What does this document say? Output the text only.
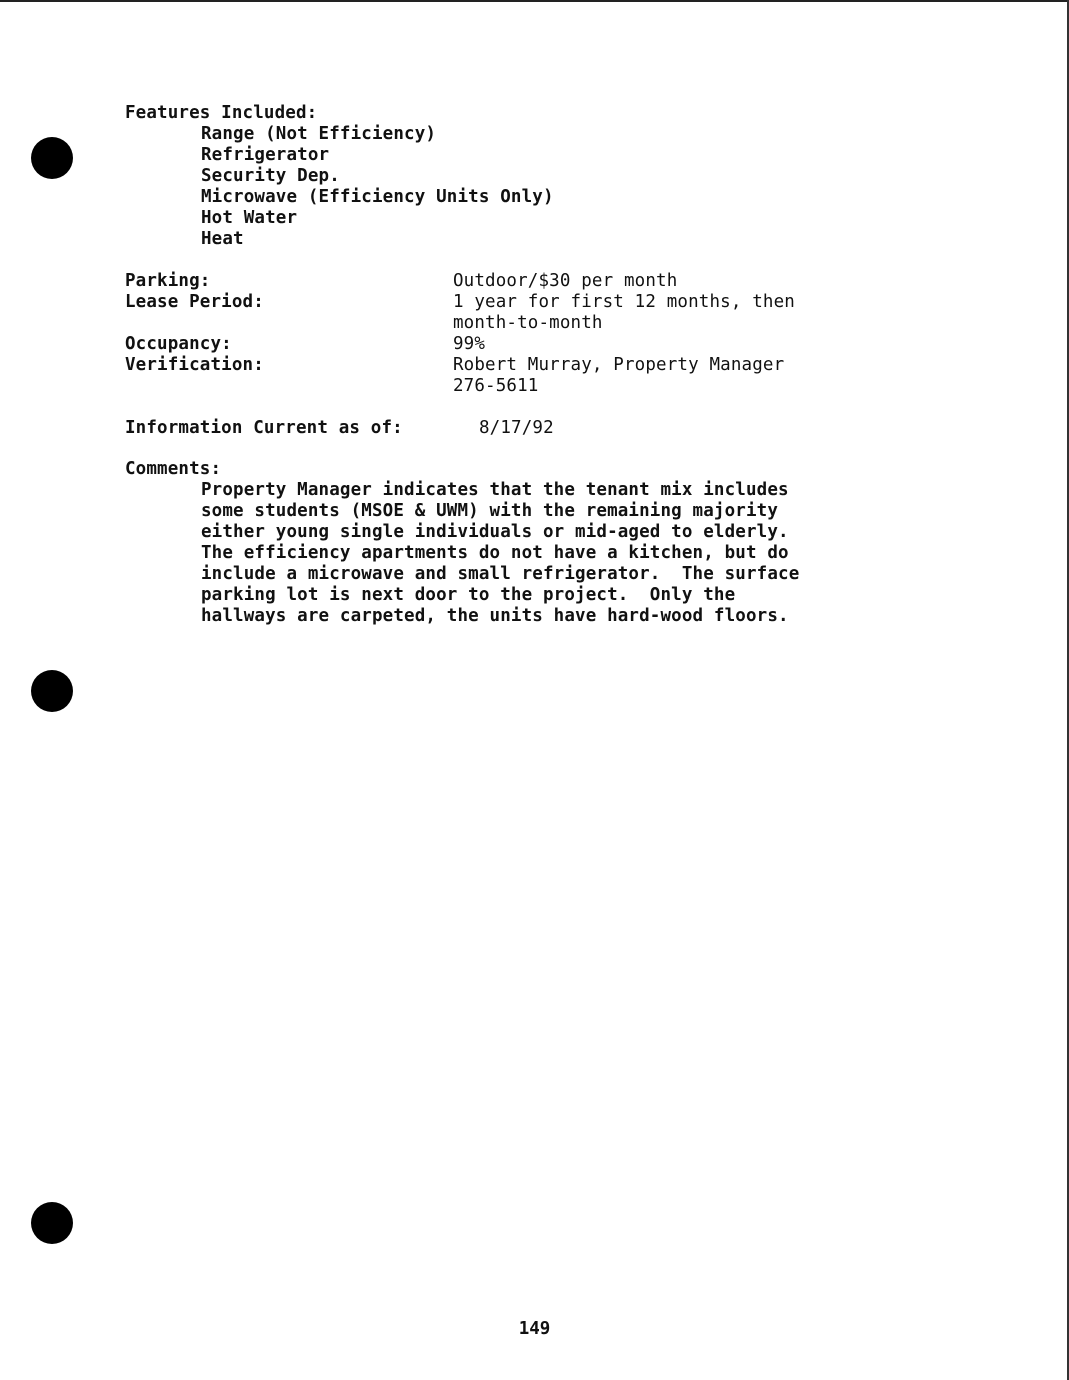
Features Included:
Range (Not Efficiency)
Refrigerator
Security Dep.
Microwave (Efficiency Units Only)
Hot Water
Heat
Parking:	Outdoor/$30 per month
Lease Period:	1 year for first 12 months, then
month-to-month
Occupancy:	99%
Verification:	Robert Murray, Property Manager
276-5611
Information Current as of:	8/17/92
Comments:
Property Manager indicates that the tenant mix includes
some students (MSOE & UWM) with the remaining majority
either young single individuals or mid-aged to elderly.
The efficiency apartments do not have a kitchen, but do
include a microwave and small refrigerator.  The surface
parking lot is next door to the project.  Only the
hallways are carpeted, the units have hard-wood floors.
149
